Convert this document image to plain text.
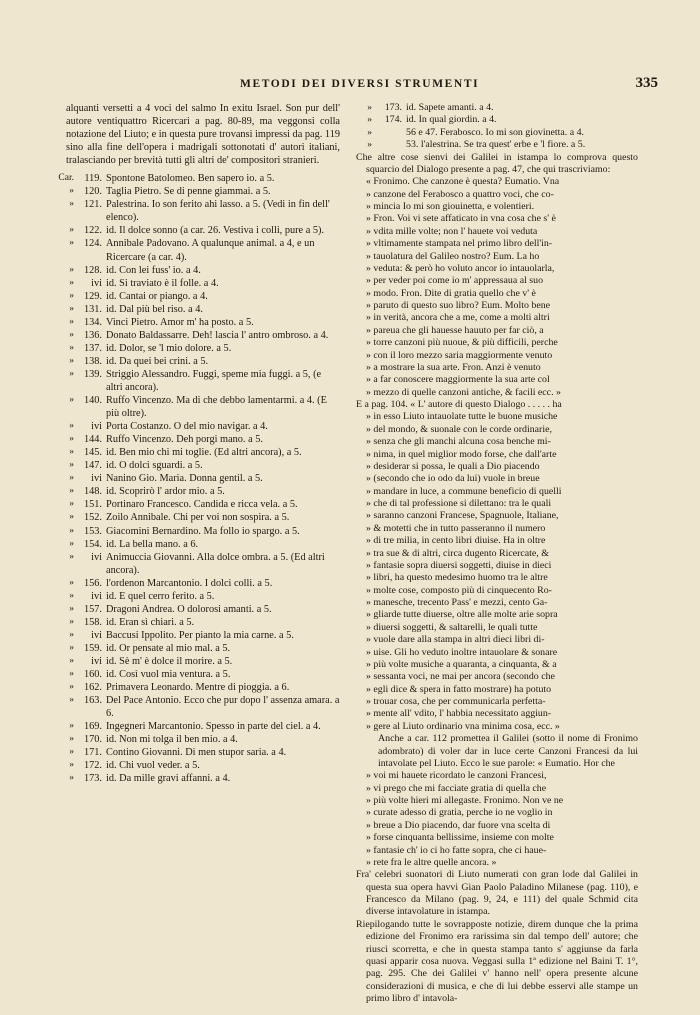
METODI DEI DIVERSI STRUMENTI	335

alquanti versetti a 4 voci del salmo In exitu Israel. Son pur dell' autore ventiquattro Ricercari a pag. 80-89, ma veggonsi colla notazione del Liuto; e in questa pure trovansi impressi da pag. 119 sino alla fine dell'opera i madrigali sottonotati d' autori italiani, tralasciando per brevità tutti gli altri de' compositori stranieri.

Car.	119. Spontone Batolomeo. Ben sapero io. a 5.
» 120. Taglia Pietro. Se di penne giammai. a 5.
» 121. Palestrina. Io son ferito ahi lasso. a 5. (Vedi in fin dell' elenco).
» 122. id. Il dolce sonno (a car. 26. Vestiva i colli, pure a 5).
» 124. Annibale Padovano. A qualunque animal. a 4, e un Ricercare (a car. 4).
» 128. id. Con lei fuss' io. a 4.
»	ivi id. Si traviato è il folle. a 4.
» 129. id. Cantai or piango. a 4.
» 131. id. Dal più bel riso. a 4.
» 134. Vinci Pietro. Amor m' ha posto. a 5.
» 136. Donato Baldassarre. Deh! lascia l' antro ombroso. a 4.
» 137. id. Dolor, se 'l mio dolore. a 5.
» 138. id. Da quei bei crini. a 5.
» 139. Striggio Alessandro. Fuggi, speme mia fuggi. a 5, (e altri ancora).
» 140. Ruffo Vincenzo. Ma di che debbo lamentarmi. a 4. (E più oltre).
»	ivi Porta Costanzo. O del mio navigar. a 4.
» 144. Ruffo Vincenzo. Deh porgi mano. a 5.
» 145. id. Ben mio chi mi toglie. (Ed altri ancora), a 5.
» 147. id. O dolci sguardi. a 5.
»	ivi Nanino Gio. Maria. Donna gentil. a 5.
» 148. id. Scoprirò l' ardor mio. a 5.
» 151. Portinaro Francesco. Candida e ricca vela. a 5.
» 152. Zoilo Annibale. Chi per voi non sospira. a 5.
» 153. Giacomini Bernardino. Ma follo io spargo. a 5.
» 154. id. La bella mano. a 6.
»	ivi Animuccia Giovanni. Alla dolce ombra. a 5. (Ed altri ancora).
» 156. l'ordenon Marcantonio. I dolci colli. a 5.
»	ivi id. E quel cerro ferito. a 5.
» 157. Dragoni Andrea. O dolorosi amanti. a 5.
» 158. id. Eran sì chiari. a 5.
»	ivi Baccusi Ippolito. Per pianto la mia carne. a 5.
» 159. id. Or pensate al mio mal. a 5.
»	ivi id. Sè m' è dolce il morire. a 5.
» 160. id. Così vuol mia ventura. a 5.
» 162. Primavera Leonardo. Mentre di pioggia. a 6.
» 163. Del Pace Antonio. Ecco che pur dopo l' assenza amara. a 6.
» 169. Ingegneri Marcantonio. Spesso in parte del ciel. a 4.
» 170. id. Non mi tolga il ben mio. a 4.
» 171. Contino Giovanni. Di men stupor saria. a 4.
» 172. id. Chi vuol veder. a 5.
» 173. id. Da mille gravi affanni. a 4.
»	173. id. Sapete amanti. a 4.
»	174. id. In qual giordin. a 4.
»	56 e 47. Ferabosco. Io mi son giovinetta. a 4.
»	53. l'alestrina. Se tra quest' erbe e 'l fiore. a 5.

Che altre cose sienvi dei Galilei in istampa lo comprova questo squarcio del Dialogo presente a pag. 47, che qui trascriviamo:

« Fronimo. Che canzone è questa? Eumatio. Vna
» canzone del Ferabosco a quattro voci, che co-
» mincia Io mi son giouinetta, e volentieri.
» Fron. Voi vi sete affaticato in vna cosa che s' è
» vdita mille volte; non l' hauete voi veduta
» vltimamente stampata nel primo libro dell'in-
» tauolatura del Galileo nostro? Eum. La ho
» veduta: & però ho voluto ancor io intauolarla,
» per veder poi come io m' appressaua al suo
» modo. Fron. Dite di gratia quello che v' è
» paruto di questo suo libro? Eum. Molto bene
» in verità, ancora che a me, come a molti altri
» pareua che gli hauesse hauuto per far ciò, a
» torre canzoni più nuoue, & più difficili, perche
» con il loro mezzo saria maggiormente venuto
» a mostrare la sua arte. Fron. Anzi è venuto
» a far conoscere maggiormente la sua arte col
» mezzo di quelle canzoni antiche, & facili ecc. »

E a pag. 104. « L' autore di questo Dialogo . . . . . ha

» in esso Liuto intauolate tutte le buone musiche
» del mondo, & suonale con le corde ordinarie,
» senza che gli manchi alcuna cosa benche mi-
» nima, in quel miglior modo forse, che dall'arte
» desiderar si possa, le quali a Dio piacendo
» (secondo che io odo da lui) vuole in breue
» mandare in luce, a commune beneficio di quelli
» che di tal professione si dilettano: tra le quali
» saranno canzoni Francese, Spagnuole, Italiane,
» & motetti che in tutto passeranno il numero
» di tre milia, in cento libri diuise. Ha in oltre
» tra sue & di altri, circa dugento Ricercate, &
» fantasie sopra diuersi soggetti, diuise in dieci
» libri, ha questo medesimo huomo tra le altre
» molte cose, composto più di cinquecento Ro-
» manesche, trecento Pass' e mezzi, cento Ga-
» gliarde tutte diuerse, oltre alle molte arie sopra
» diuersi soggetti, & saltarelli, le quali tutte
» vuole dare alla stampa in altri dieci libri di-
» uise. Gli ho veduto inoltre intauolare & sonare
» più volte musiche a quaranta, a cinquanta, & a
» sessanta voci, ne mai per ancora (secondo che
» egli dice & spera in fatto mostrare) ha potuto
» trouar cosa, che per communicarla perfetta-
» mente all' vdito, l' habbia necessitato aggiun-
» gere al Liuto ordinario vna minima cosa, ecc. »

Anche a car. 112 promettea il Galilei (sotto il nome di Fronimo adombrato) di voler dar in luce certe Canzoni Francesi da lui intavolate pel Liuto. Ecco le sue parole: « Eumatio. Hor che

» voi mi hauete ricordato le canzoni Francesi,
» vi prego che mi facciate gratia di quella che
» più volte hieri mi allegaste. Fronimo. Non ve ne
» curate adesso di gratia, perche io ne voglio in
» breue a Dio piacendo, dar fuore vna scelta di
» forse cinquanta bellissime, insieme con molte
» fantasie ch' io ci ho fatte sopra, che ci haue-
» rete fra le altre quelle ancora. »

Fra' celebri suonatori di Liuto numerati con gran lode dal Galilei in questa sua opera havvi Gian Paolo Paladino Milanese (pag. 110), e Francesco da Milano (pag. 9, 24, e 111) del quale Schmid cita diverse intavolature in istampa.

Riepilogando tutte le sovrapposte notizie, direm dunque che la prima edizione del Fronimo era rarissima sin dal tempo dell' autore; che riuscì scorretta, e che in questa stampa tanto s' aggiunse da farla quasi apparir cosa nuova. Veggasi sulla 1ª edizione nel Baini T. 1°, pag. 295. Che dei Galilei v' hanno nell' opera presente alcune considerazioni di musica, e che di lui debbe esservi alle stampe un primo libro d' intavola-
